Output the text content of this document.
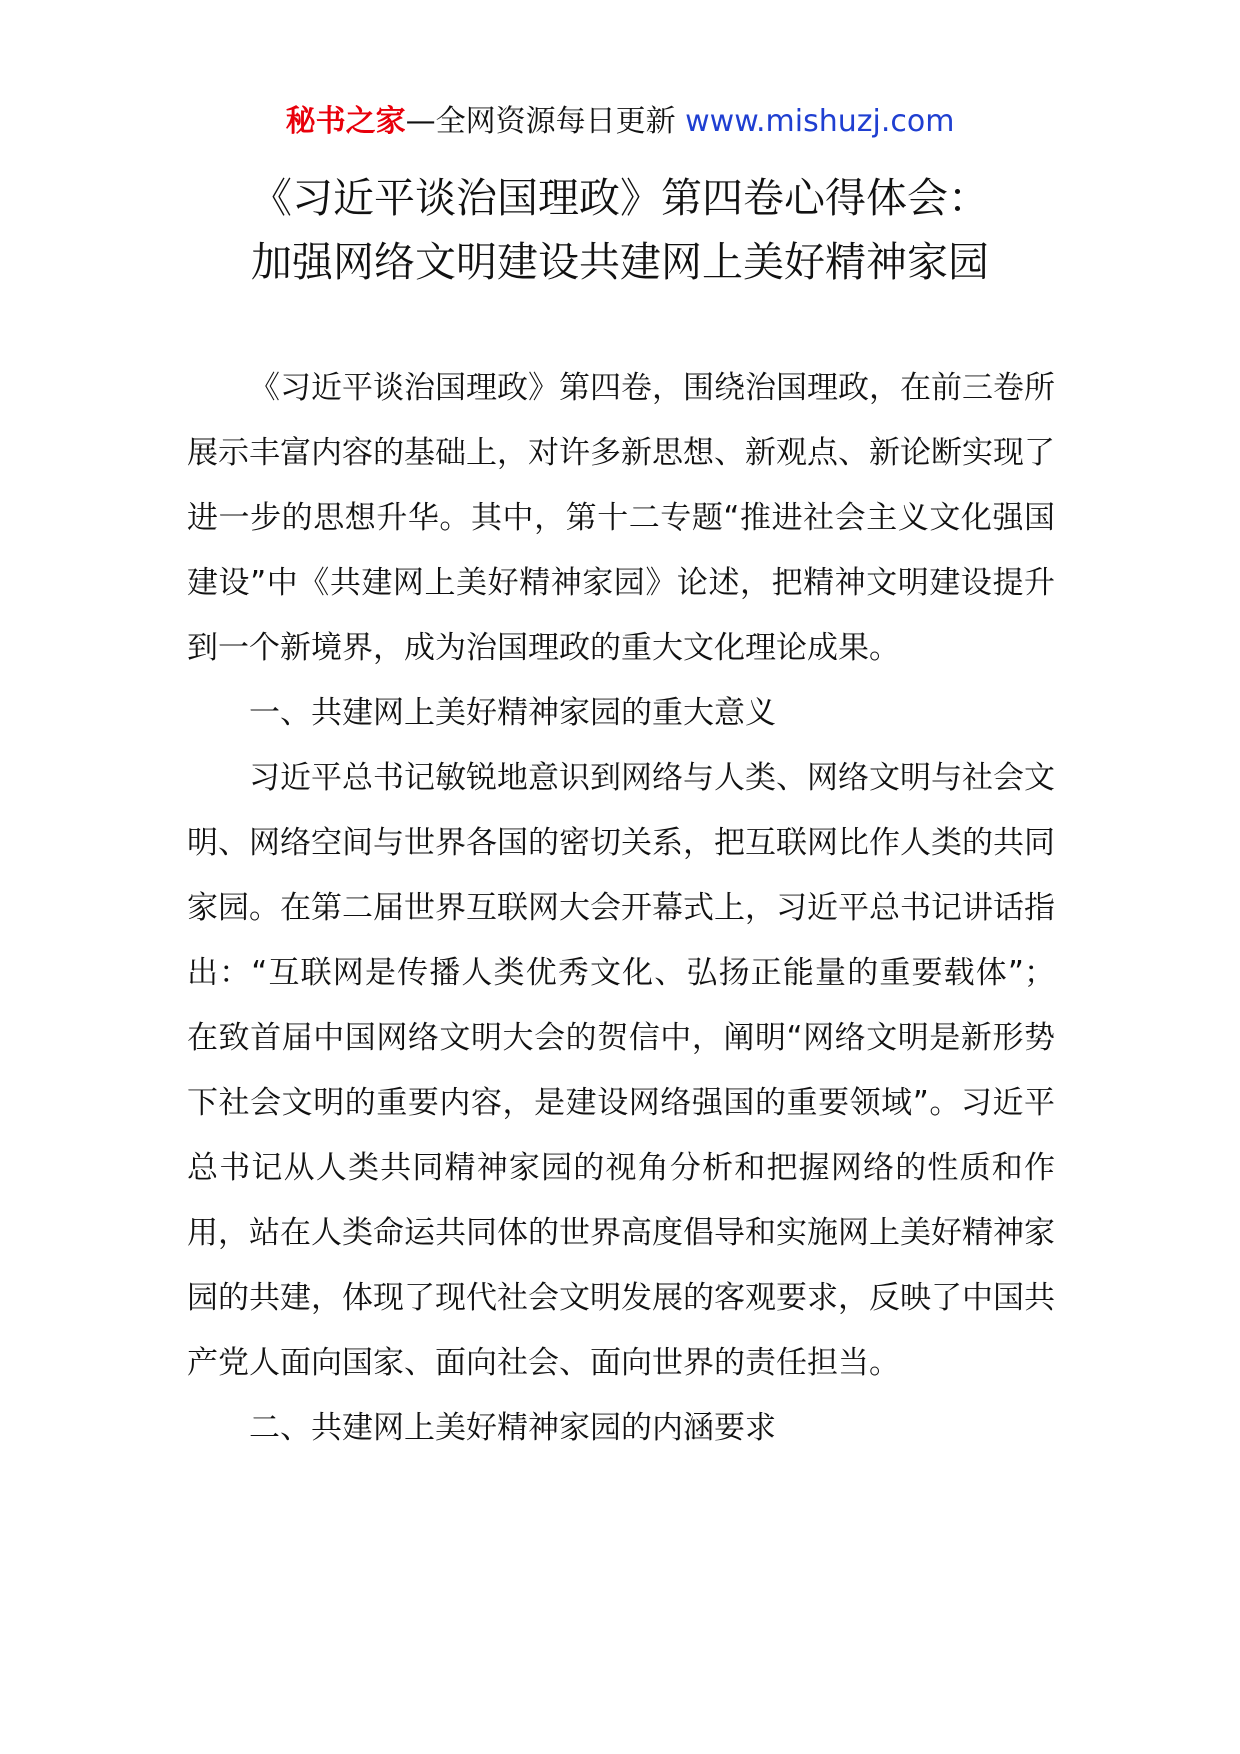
秘书之家—全网资源每日更新 www.mishuzj.com
《习近平谈治国理政》第四卷心得体会：
加强网络文明建设共建网上美好精神家园

《习近平谈治国理政》第四卷，围绕治国理政，在前三卷所展示丰富内容的基础上，对许多新思想、新观点、新论断实现了进一步的思想升华。其中，第十二专题“推进社会主义文化强国建设”中《共建网上美好精神家园》论述，把精神文明建设提升到一个新境界，成为治国理政的重大文化理论成果。

一、共建网上美好精神家园的重大意义

习近平总书记敏锐地意识到网络与人类、网络文明与社会文明、网络空间与世界各国的密切关系，把互联网比作人类的共同家园。在第二届世界互联网大会开幕式上，习近平总书记讲话指出：“互联网是传播人类优秀文化、弘扬正能量的重要载体”；在致首届中国网络文明大会的贺信中，阐明“网络文明是新形势下社会文明的重要内容，是建设网络强国的重要领域”。习近平总书记从人类共同精神家园的视角分析和把握网络的性质和作用，站在人类命运共同体的世界高度倡导和实施网上美好精神家园的共建，体现了现代社会文明发展的客观要求，反映了中国共产党人面向国家、面向社会、面向世界的责任担当。

二、共建网上美好精神家园的内涵要求
